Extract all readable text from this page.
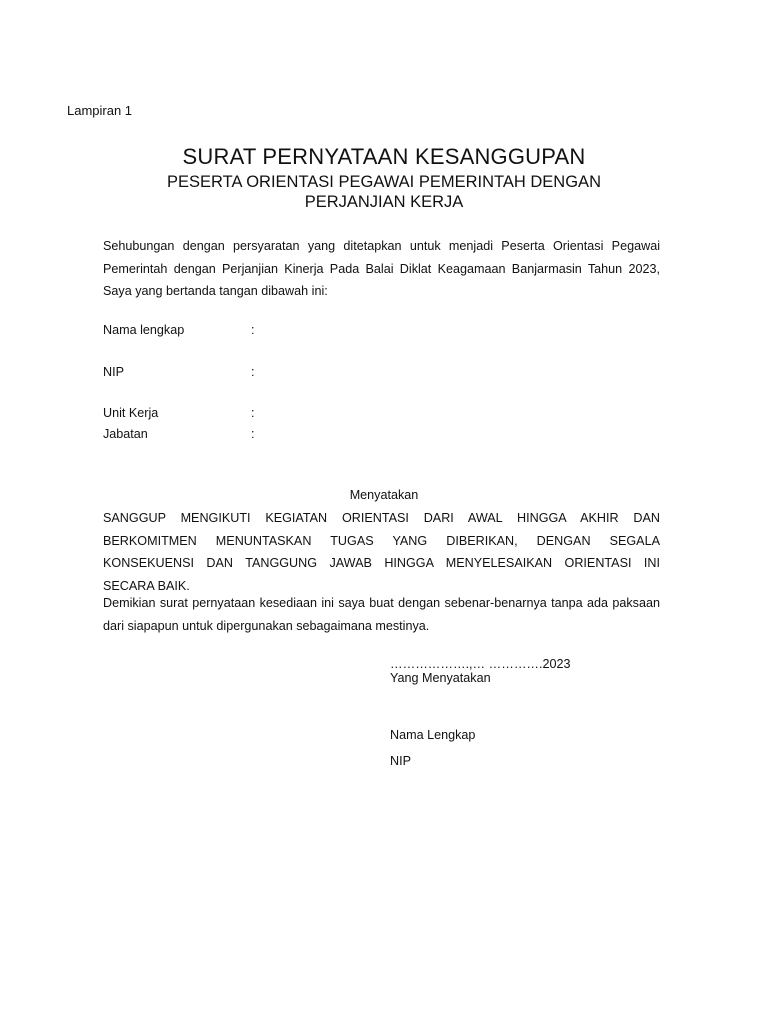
Lampiran 1
SURAT PERNYATAAN KESANGGUPAN
PESERTA ORIENTASI PEGAWAI PEMERINTAH DENGAN
PERJANJIAN KERJA
Sehubungan dengan persyaratan yang ditetapkan untuk menjadi Peserta Orientasi Pegawai Pemerintah dengan Perjanjian Kinerja Pada Balai Diklat Keagamaan Banjarmasin Tahun 2023, Saya yang bertanda tangan dibawah ini:
Nama lengkap	:
NIP	:
Unit Kerja	:
Jabatan	:
Menyatakan
SANGGUP MENGIKUTI KEGIATAN ORIENTASI DARI AWAL HINGGA AKHIR DAN
BERKOMITMEN MENUNTASKAN TUGAS YANG DIBERIKAN, DENGAN SEGALA
KONSEKUENSI DAN TANGGUNG JAWAB HINGGA MENYELESAIKAN ORIENTASI INI
SECARA BAIK.
Demikian surat pernyataan kesediaan ini saya buat dengan sebenar-benarnya tanpa ada paksaan dari siapapun untuk dipergunakan sebagaimana mestinya.
……………….,… ………….2023
Yang Menyatakan
Nama Lengkap
NIP
